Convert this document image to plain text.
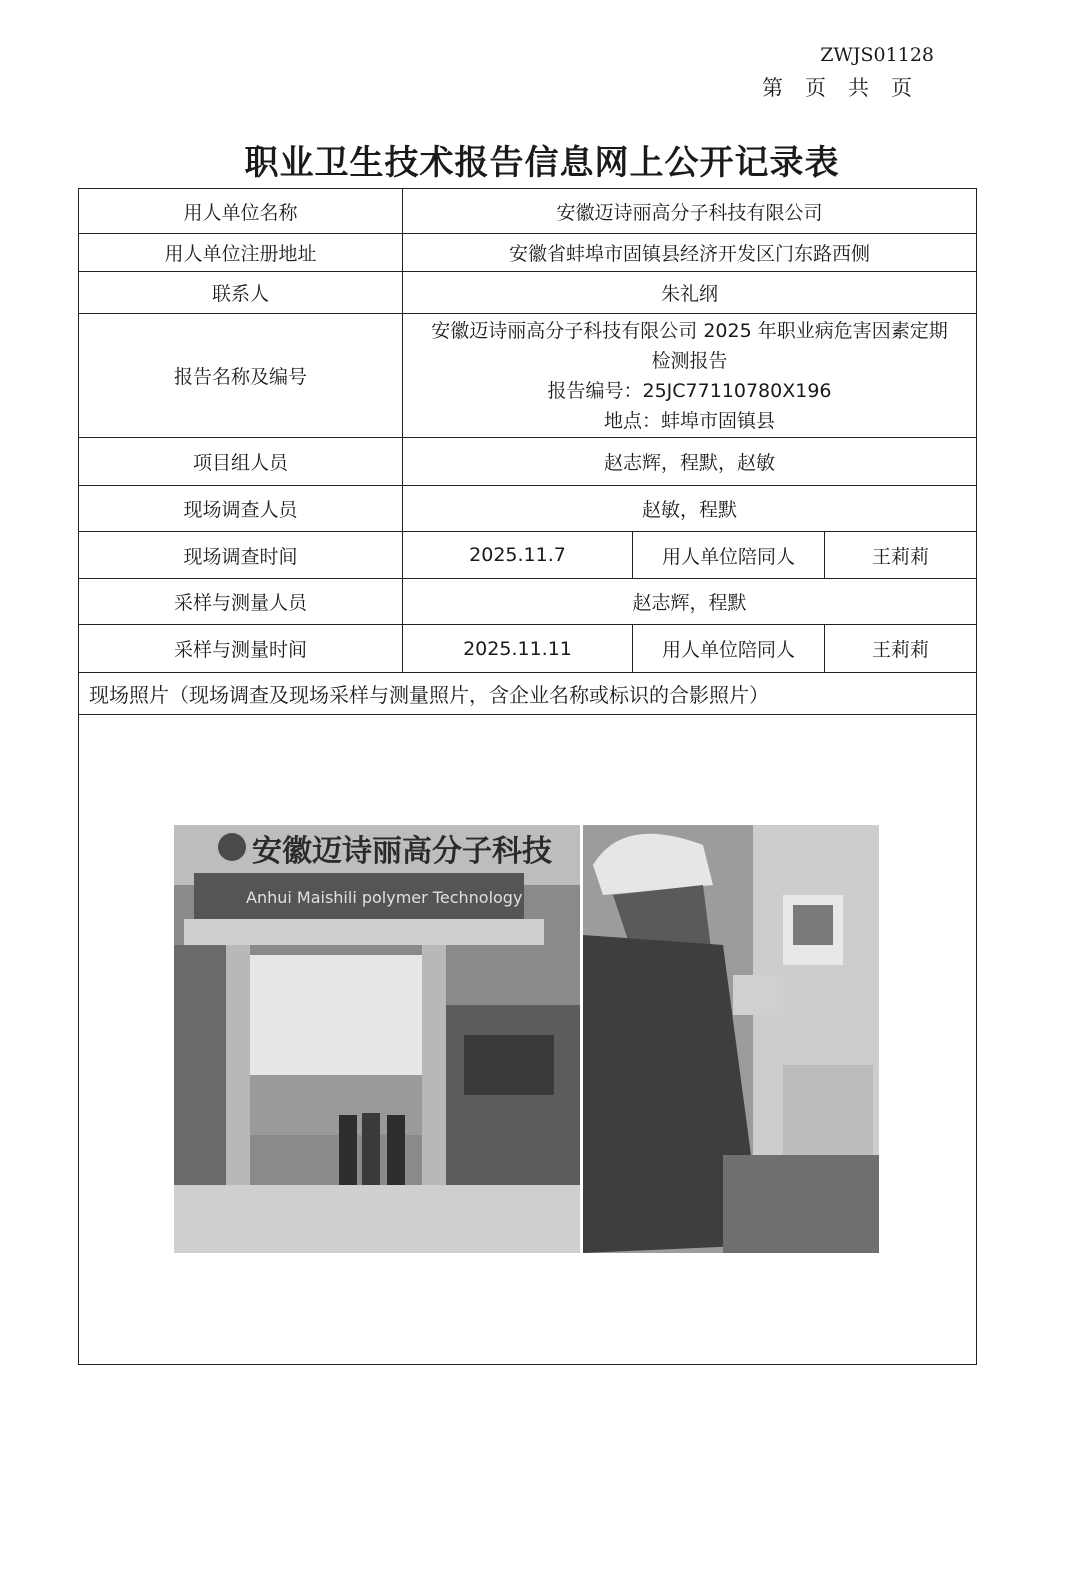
ZWJS01128
第页共页
职业卫生技术报告信息网上公开记录表
用人单位名称	安徽迈诗丽高分子科技有限公司		
用人单位注册地址	安徽省蚌埠市固镇县经济开发区门东路西侧		
联系人	朱礼纲		
报告名称及编号	安徽迈诗丽高分子科技有限公司 2025 年职业病危害因素定期
检测报告
报告编号：25JC77110780X196
地点：蚌埠市固镇县		

项目组人员	赵志辉，程默，赵敏		
现场调查人员	赵敏，程默		
现场调查时间	2025.11.7	用人单位陪同人	王莉莉
采样与测量人员	赵志辉，程默		
采样与测量时间	2025.11.11	用人单位陪同人	王莉莉
现场照片（现场调查及现场采样与测量照片，含企业名称或标识的合影照片）			

安徽迈诗丽高分子科技
Anhui Maishili polymer Technology			
